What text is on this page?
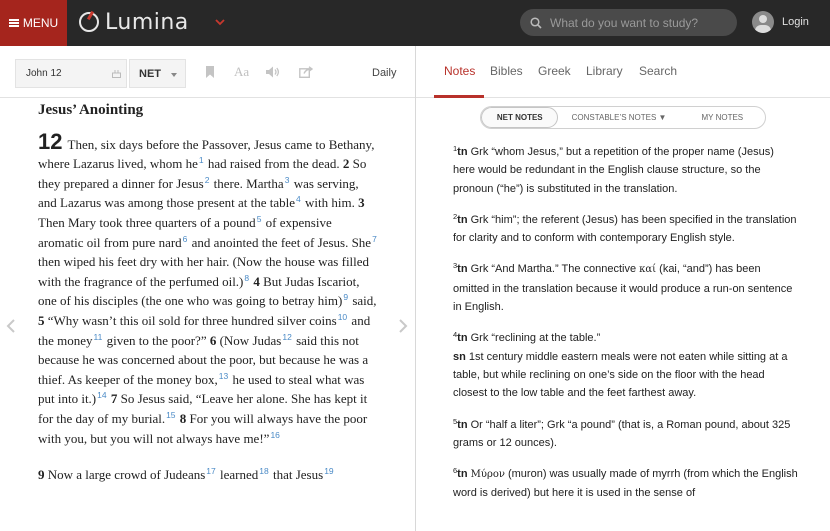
MENU Lumina
What do you want to study?	Login
John 12	NET	Aa	Daily
Jesus’ Anointing
12 Then, six days before the Passover, Jesus came to Bethany, where Lazarus lived, whom he$^1$ had raised from the dead. 2 So they prepared a dinner for Jesus$^2$ there. Martha$^3$ was serving, and Lazarus was among those present at the table$^4$ with him. 3 Then Mary took three quarters of a pound$^5$ of expensive aromatic oil from pure nard$^6$ and anointed the feet of Jesus. She$^7$ then wiped his feet dry with her hair. (Now the house was filled with the fragrance of the perfumed oil.)$^8$ 4 But Judas Iscariot, one of his disciples (the one who was going to betray him)$^9$ said, 5 “Why wasn’t this oil sold for three hundred silver coins$^{10}$ and the money$^{11}$ given to the poor?” 6 (Now Judas$^{12}$ said this not because he was concerned about the poor, but because he was a thief. As keeper of the money box,$^{13}$ he used to steal what was put into it.)$^{14}$ 7 So Jesus said, “Leave her alone. She has kept it for the day of my burial.$^{15}$ 8 For you will always have the poor with you, but you will not always have me!”$^{16}$
9 Now a large crowd of Judeans$^{17}$ learned$^{18}$ that Jesus$^{19}$
Notes Bibles Greek Library Search
NET NOTES	CONSTABLE’S NOTES ▼	MY NOTES
$^1$tn Grk “whom Jesus,” but a repetition of the proper name (Jesus) here would be redundant in the English clause structure, so the pronoun (“he”) is substituted in the translation.
$^2$tn Grk “him”; the referent (Jesus) has been specified in the translation for clarity and to conform with contemporary English style.
$^3$tn Grk “And Martha.” The connective καί (kai, “and”) has been omitted in the translation because it would produce a run-on sentence in English.
$^4$tn Grk “reclining at the table.”
sn 1st century middle eastern meals were not eaten while sitting at a table, but while reclining on one’s side on the floor with the head closest to the low table and the feet farthest away.
$^5$tn Or “half a liter”; Grk “a pound” (that is, a Roman pound, about 325 grams or 12 ounces).
$^6$tn Μύρον (muron) was usually made of myrrh (from which the English word is derived) but here it is used in the sense of
